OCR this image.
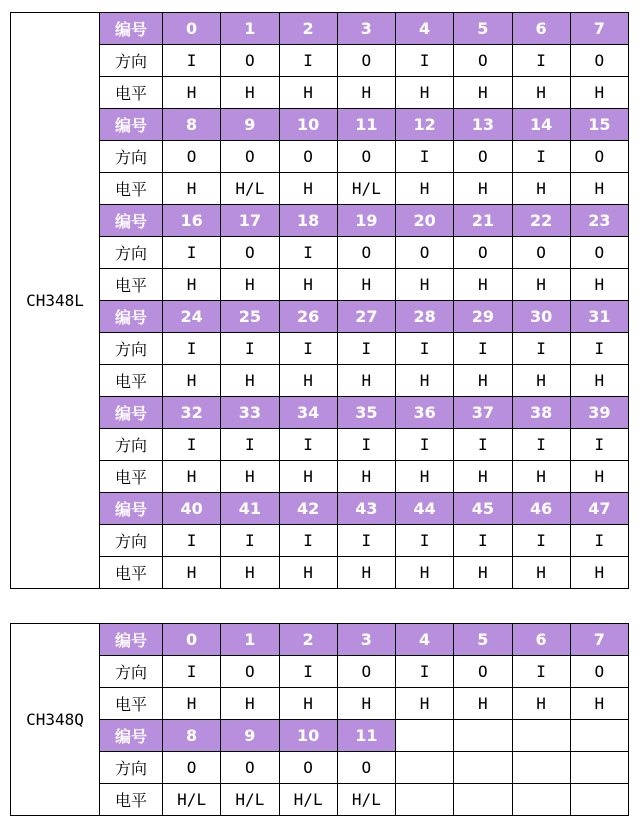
CH348L	编号	0	1	2	3	4	5	6	7
	方向	I	O	I	O	I	O	I	O
	电平	H	H	H	H	H	H	H	H
	编号	8	9	10	11	12	13	14	15
	方向	O	O	O	O	I	O	I	O
	电平	H	H/L	H	H/L	H	H	H	H
	编号	16	17	18	19	20	21	22	23
	方向	I	O	I	O	O	O	O	O
	电平	H	H	H	H	H	H	H	H
	编号	24	25	26	27	28	29	30	31
	方向	I	I	I	I	I	I	I	I
	电平	H	H	H	H	H	H	H	H
	编号	32	33	34	35	36	37	38	39
	方向	I	I	I	I	I	I	I	I
	电平	H	H	H	H	H	H	H	H
	编号	40	41	42	43	44	45	46	47
	方向	I	I	I	I	I	I	I	I
	电平	H	H	H	H	H	H	H	H
CH348Q	编号	0	1	2	3	4	5	6	7
	方向	I	O	I	O	I	O	I	O
	电平	H	H	H	H	H	H	H	H
	编号	8	9	10	11				
	方向	O	O	O	O				
	电平	H/L	H/L	H/L	H/L				
